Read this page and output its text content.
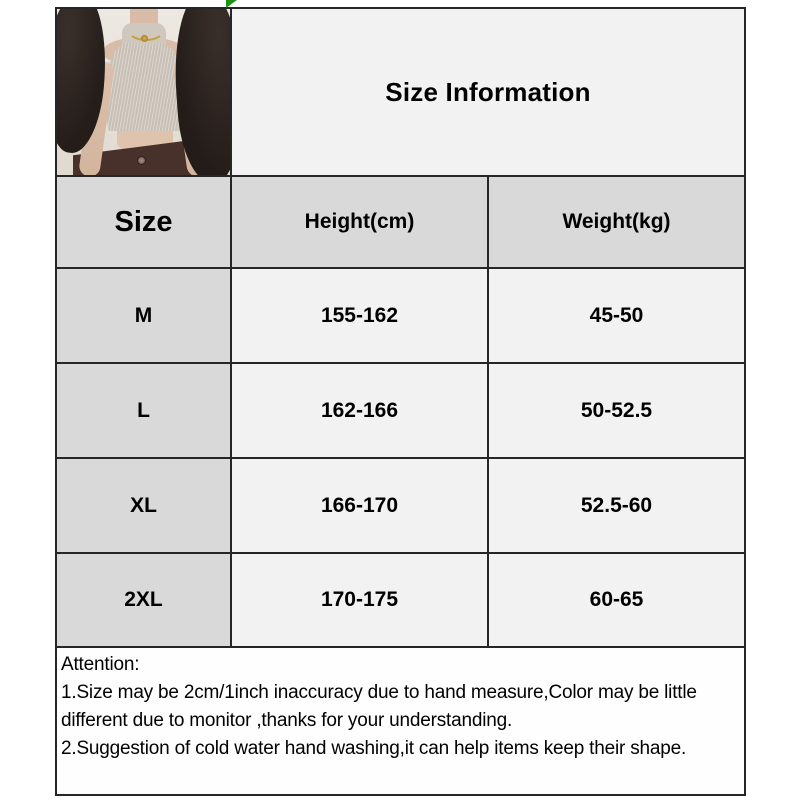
Size Information
Size	Height(cm)	Weight(kg)
M	155-162	45-50
L	162-166	50-52.5
XL	166-170	52.5-60
2XL	170-175	60-65
Attention:
1.Size may be 2cm/1inch inaccuracy due to hand measure,Color may be little
different due to monitor ,thanks for your understanding.
2.Suggestion of cold water hand washing,it can help items keep their shape.
